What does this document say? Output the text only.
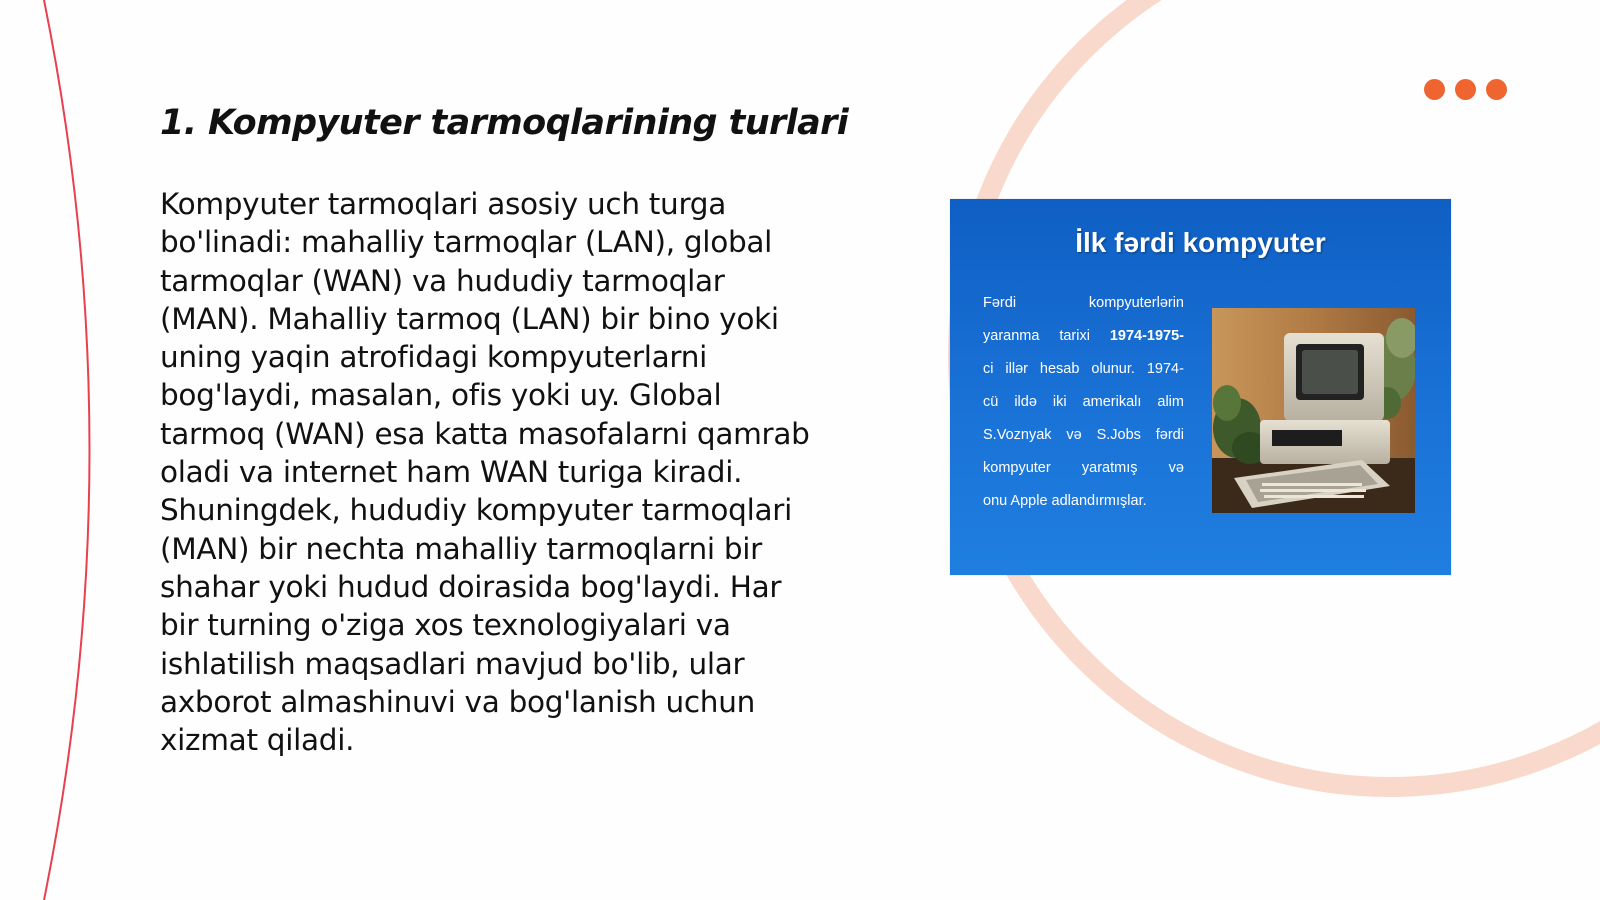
1. Kompyuter tarmoqlarining turlari

Kompyuter tarmoqlari asosiy uch turga
bo'linadi: mahalliy tarmoqlar (LAN), global
tarmoqlar (WAN) va hududiy tarmoqlar
(MAN). Mahalliy tarmoq (LAN) bir bino yoki
uning yaqin atrofidagi kompyuterlarni
bog'laydi, masalan, ofis yoki uy. Global
tarmoq (WAN) esa katta masofalarni qamrab
oladi va internet ham WAN turiga kiradi.
Shuningdek, hududiy kompyuter tarmoqlari
(MAN) bir nechta mahalliy tarmoqlarni bir
shahar yoki hudud doirasida bog'laydi. Har
bir turning o'ziga xos texnologiyalari va
ishlatilish maqsadlari mavjud bo'lib, ular
axborot almashinuvi va bog'lanish uchun
xizmat qiladi.

İlk fərdi kompyuter
Fərdi	kompyuterlərin
yaranma tarixi 1974-1975-
ci illər hesab olunur. 1974-
cü ildə iki amerikalı alim
S.Voznyak və S.Jobs fərdi
kompyuter yaratmış və
onu Apple adlandırmışlar.
